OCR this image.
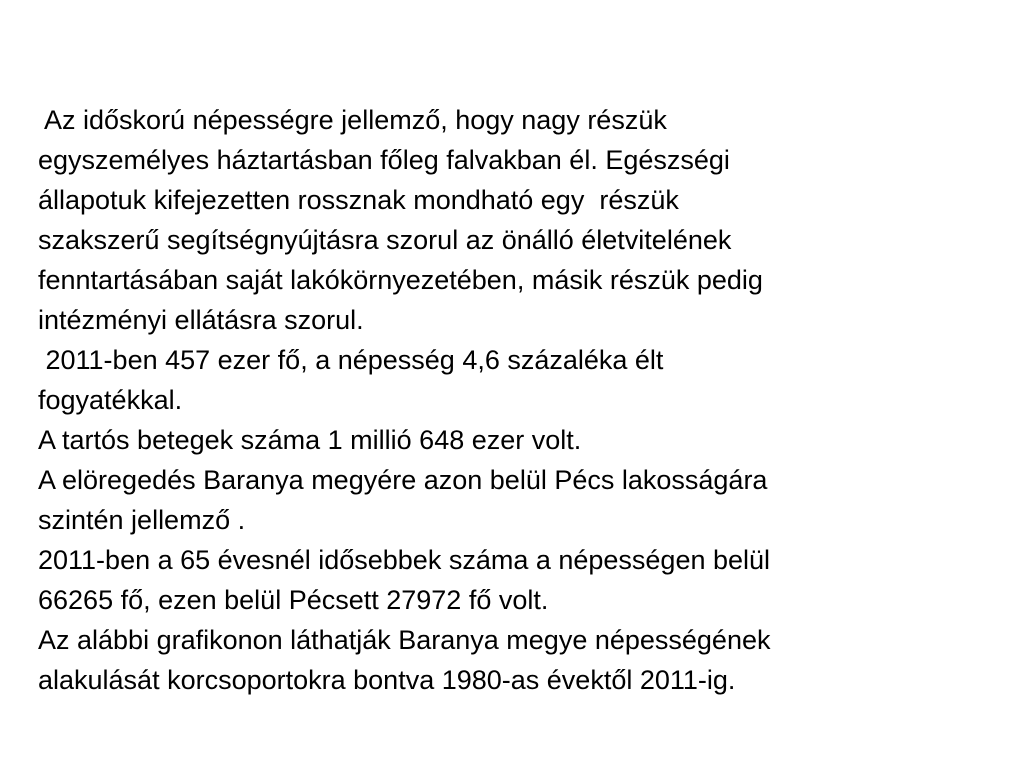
Az időskorú népességre jellemző, hogy nagy részük
egyszemélyes háztartásban főleg falvakban él. Egészségi
állapotuk kifejezetten rossznak mondható egy  részük
szakszerű segítségnyújtásra szorul az önálló életvitelének
fenntartásában saját lakókörnyezetében, másik részük pedig
intézményi ellátásra szorul.
2011-ben 457 ezer fő, a népesség 4,6 százaléka élt
fogyatékkal.
A tartós betegek száma 1 millió 648 ezer volt.
A elöregedés Baranya megyére azon belül Pécs lakosságára
szintén jellemző .
2011-ben a 65 évesnél idősebbek száma a népességen belül
66265 fő, ezen belül Pécsett 27972 fő volt.
Az alábbi grafikonon láthatják Baranya megye népességének
alakulását korcsoportokra bontva 1980-as évektől 2011-ig.
